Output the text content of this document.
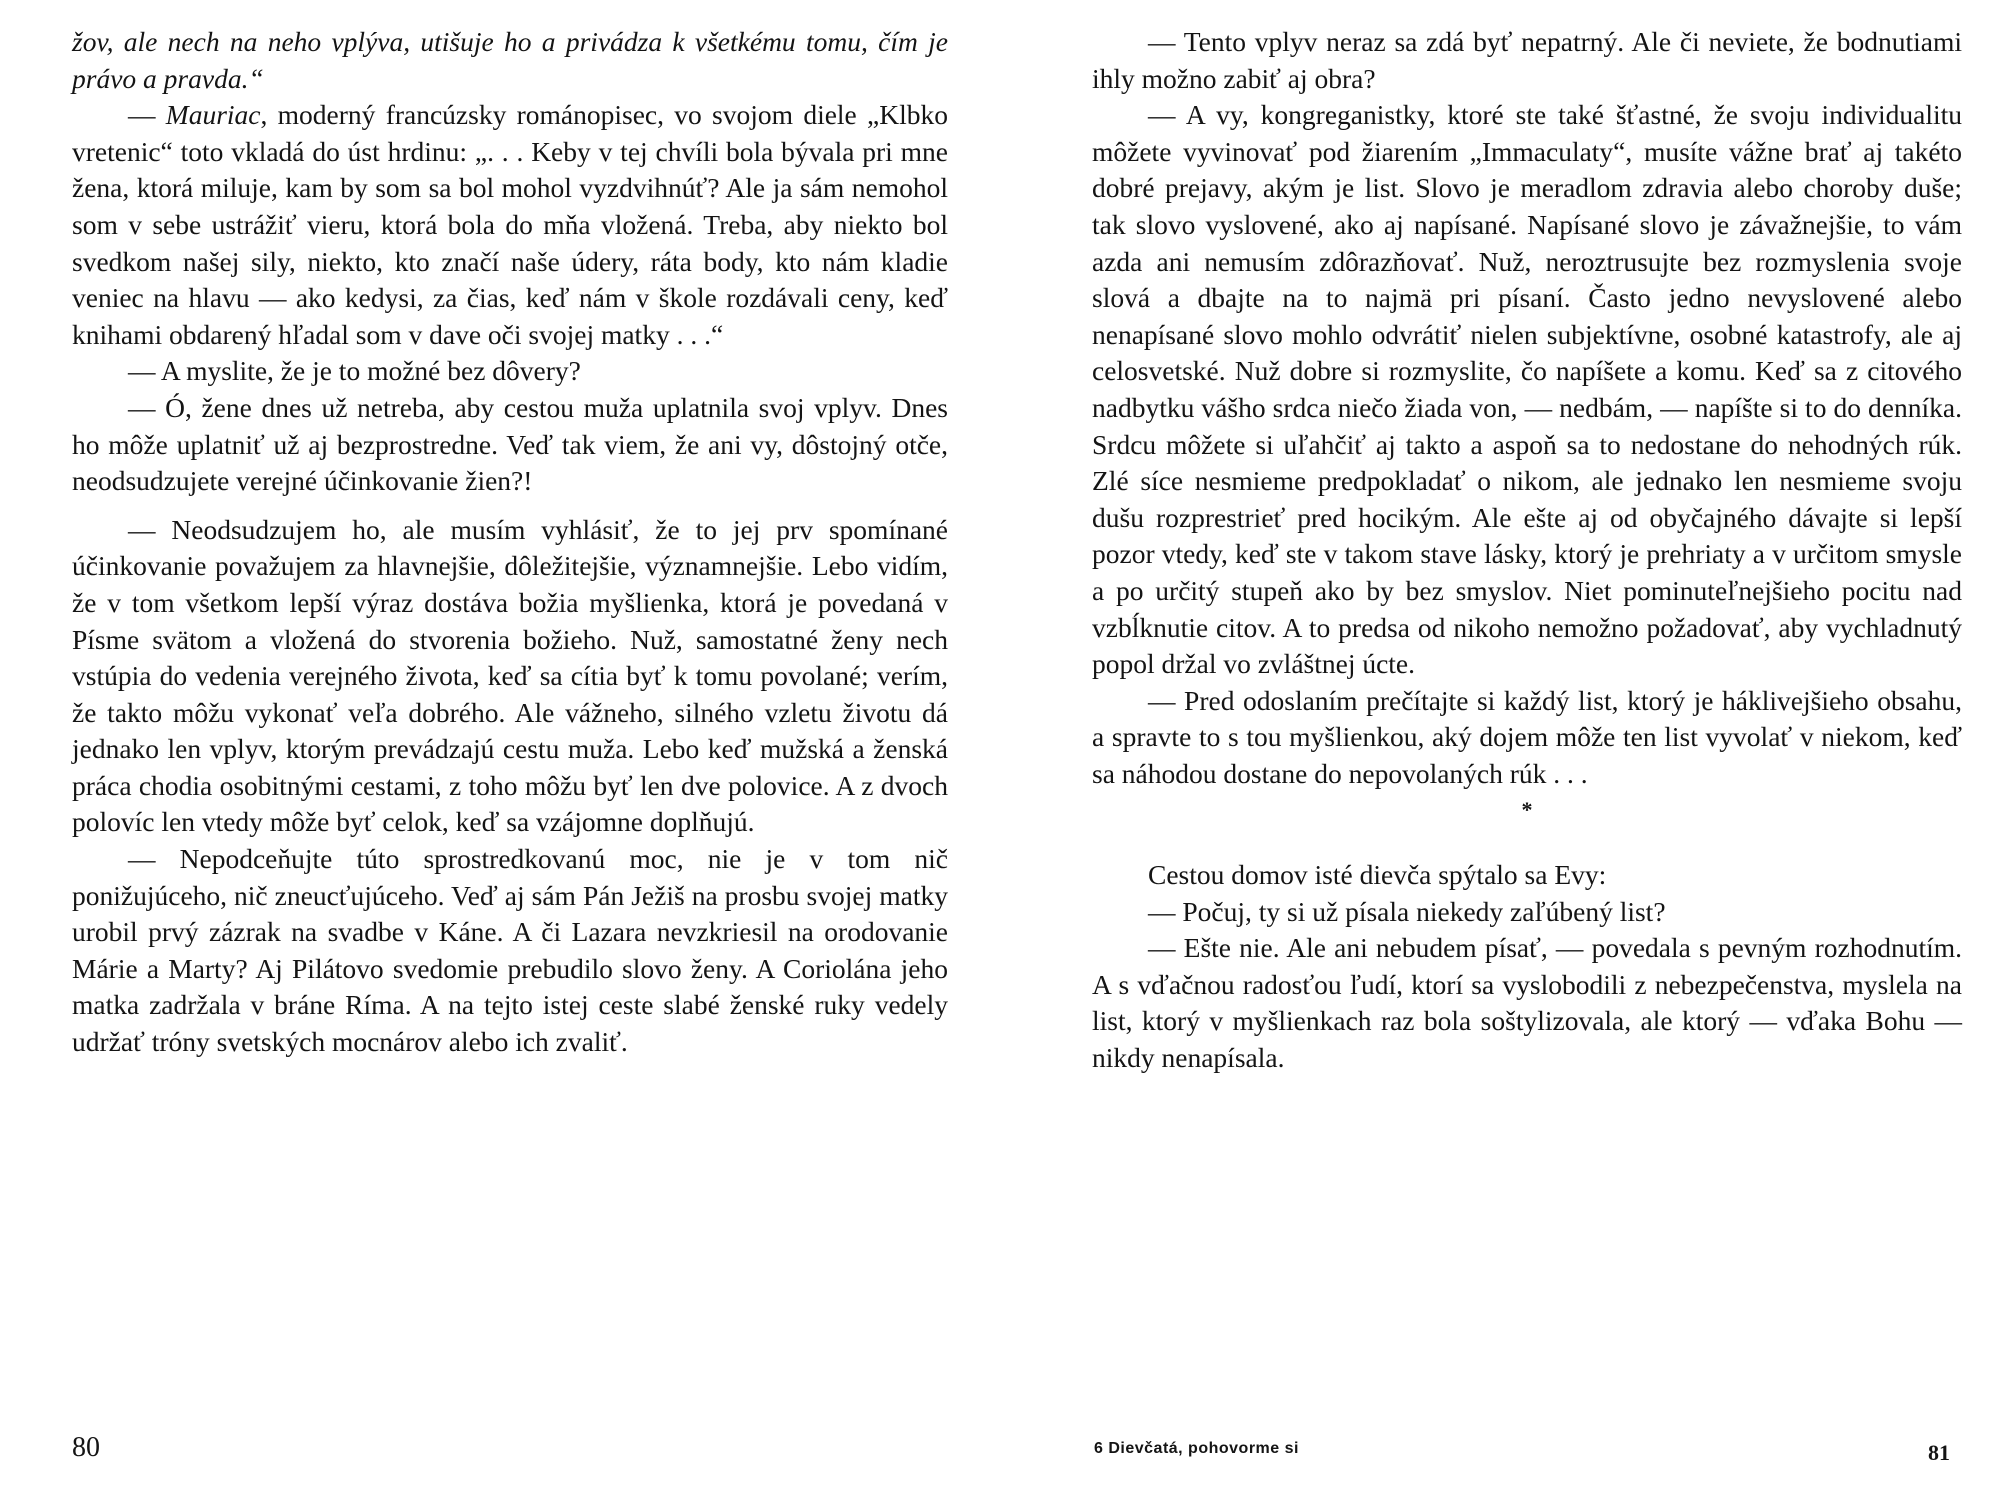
žov, ale nech na neho vplýva, utišuje ho a privádza k všetkému tomu, čím je právo a pravda.“

— Mauriac, moderný francúzsky románopisec, vo svojom diele „Klbko vretenic“ toto vkladá do úst hrdinu: „. . . Keby v tej chvíli bola bývala pri mne žena, ktorá miluje, kam by som sa bol mohol vyzdvihnúť? Ale ja sám nemohol som v sebe ustrážiť vieru, ktorá bola do mňa vložená. Treba, aby niekto bol svedkom našej sily, niekto, kto značí naše údery, ráta body, kto nám kladie veniec na hlavu — ako kedysi, za čias, keď nám v škole rozdávali ceny, keď knihami obdarený hľadal som v dave oči svojej matky . . .“

— A myslite, že je to možné bez dôvery?

— Ó, žene dnes už netreba, aby cestou muža uplatnila svoj vplyv. Dnes ho môže uplatniť už aj bezprostredne. Veď tak viem, že ani vy, dôstojný otče, neodsudzujete verejné účinkovanie žien?!

— Neodsudzujem ho, ale musím vyhlásiť, že to jej prv spomínané účinkovanie považujem za hlavnejšie, dôležitejšie, významnejšie. Lebo vidím, že v tom všetkom lepší výraz dostáva božia myšlienka, ktorá je povedaná v Písme svätom a vložená do stvorenia božieho. Nuž, samostatné ženy nech vstúpia do vedenia verejného života, keď sa cítia byť k tomu povolané; verím, že takto môžu vykonať veľa dobrého. Ale vážneho, silného vzletu životu dá jednako len vplyv, ktorým prevádzajú cestu muža. Lebo keď mužská a ženská práca chodia osobitnými cestami, z toho môžu byť len dve polovice. A z dvoch polovíc len vtedy môže byť celok, keď sa vzájomne doplňujú.

— Nepodceňujte túto sprostredkovanú moc, nie je v tom nič ponižujúceho, nič zneucťujúceho. Veď aj sám Pán Ježiš na prosbu svojej matky urobil prvý zázrak na svadbe v Káne. A či Lazara nevzkriesil na orodovanie Márie a Marty? Aj Pilátovo svedomie prebudilo slovo ženy. A Coriolána jeho matka zadržala v bráne Ríma. A na tejto istej ceste slabé ženské ruky vedely udržať tróny svetských mocnárov alebo ich zvaliť.

— Tento vplyv neraz sa zdá byť nepatrný. Ale či neviete, že bodnutiami ihly možno zabiť aj obra?

— A vy, kongreganistky, ktoré ste také šťastné, že svoju individualitu môžete vyvinovať pod žiarením „Immaculaty“, musíte vážne brať aj takéto dobré prejavy, akým je list. Slovo je meradlom zdravia alebo choroby duše; tak slovo vyslovené, ako aj napísané. Napísané slovo je závažnejšie, to vám azda ani nemusím zdôrazňovať. Nuž, neroztrusujte bez rozmyslenia svoje slová a dbajte na to najmä pri písaní. Často jedno nevyslovené alebo nenapísané slovo mohlo odvrátiť nielen subjektívne, osobné katastrofy, ale aj celosvetské. Nuž dobre si rozmyslite, čo napíšete a komu. Keď sa z citového nadbytku vášho srdca niečo žiada von, — nedbám, — napíšte si to do denníka. Srdcu môžete si uľahčiť aj takto a aspoň sa to nedostane do nehodných rúk. Zlé síce nesmieme predpokladať o nikom, ale jednako len nesmieme svoju dušu rozprestrieť pred hocikým. Ale ešte aj od obyčajného dávajte si lepší pozor vtedy, keď ste v takom stave lásky, ktorý je prehriaty a v určitom smysle a po určitý stupeň ako by bez smyslov. Niet pominuteľnejšieho pocitu nad vzbĺknutie citov. A to predsa od nikoho nemožno požadovať, aby vychladnutý popol držal vo zvláštnej úcte.

— Pred odoslaním prečítajte si každý list, ktorý je háklivejšieho obsahu, a spravte to s tou myšlienkou, aký dojem môže ten list vyvolať v niekom, keď sa náhodou dostane do nepovolaných rúk . . .

*

Cestou domov isté dievča spýtalo sa Evy:

— Počuj, ty si už písala niekedy zaľúbený list?

— Ešte nie. Ale ani nebudem písať, — povedala s pevným rozhodnutím. A s vďačnou radosťou ľudí, ktorí sa vyslobodili z nebezpečenstva, myslela na list, ktorý v myšlienkach raz bola soštylizovala, ale ktorý — vďaka Bohu — nikdy nenapísala.

80	6 Dievčatá, pohovorme si	81
